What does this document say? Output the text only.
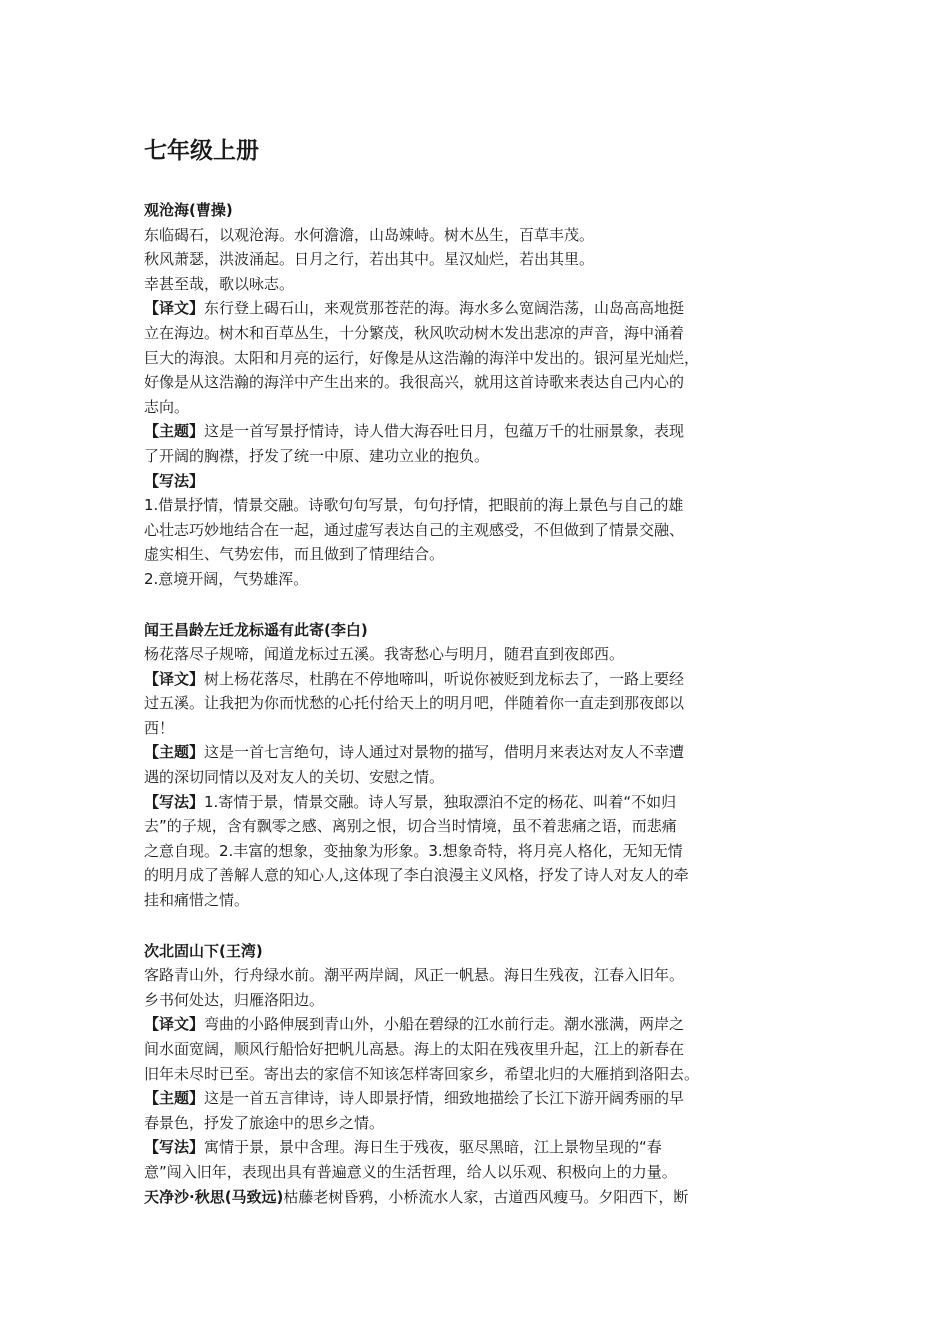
七年级上册

观沧海(曹操)

东临碣石，以观沧海。水何澹澹，山岛竦峙。树木丛生，百草丰茂。

秋风萧瑟，洪波涌起。日月之行，若出其中。星汉灿烂，若出其里。

幸甚至哉，歌以咏志。

【译文】东行登上碣石山，来观赏那苍茫的海。海水多么宽阔浩荡，山岛高高地挺

立在海边。树木和百草丛生，十分繁茂，秋风吹动树木发出悲凉的声音，海中涌着

巨大的海浪。太阳和月亮的运行，好像是从这浩瀚的海洋中发出的。银河星光灿烂，

好像是从这浩瀚的海洋中产生出来的。我很高兴，就用这首诗歌来表达自己内心的

志向。

【主题】这是一首写景抒情诗，诗人借大海吞吐日月，包蕴万千的壮丽景象，表现

了开阔的胸襟，抒发了统一中原、建功立业的抱负。

【写法】

1.借景抒情，情景交融。诗歌句句写景，句句抒情，把眼前的海上景色与自己的雄

心壮志巧妙地结合在一起，通过虚写表达自己的主观感受，不但做到了情景交融、

虚实相生、气势宏伟，而且做到了情理结合。

2.意境开阔，气势雄浑。

闻王昌龄左迁龙标遥有此寄(李白)

杨花落尽子规啼，闻道龙标过五溪。我寄愁心与明月，随君直到夜郎西。

【译文】树上杨花落尽，杜鹃在不停地啼叫，听说你被贬到龙标去了，一路上要经

过五溪。让我把为你而忧愁的心托付给天上的明月吧，伴随着你一直走到那夜郎以

西！

【主题】这是一首七言绝句，诗人通过对景物的描写，借明月来表达对友人不幸遭

遇的深切同情以及对友人的关切、安慰之情。

【写法】1.寄情于景，情景交融。诗人写景，独取漂泊不定的杨花、叫着“不如归

去”的子规，含有飘零之感、离别之恨，切合当时情境，虽不着悲痛之语，而悲痛

之意自现。2.丰富的想象，变抽象为形象。3.想象奇特，将月亮人格化，无知无情

的明月成了善解人意的知心人,这体现了李白浪漫主义风格，抒发了诗人对友人的牵

挂和痛惜之情。

次北固山下(王湾)

客路青山外，行舟绿水前。潮平两岸阔，风正一帆悬。海日生残夜，江春入旧年。

乡书何处达，归雁洛阳边。

【译文】弯曲的小路伸展到青山外，小船在碧绿的江水前行走。潮水涨满，两岸之

间水面宽阔，顺风行船恰好把帆儿高悬。海上的太阳在残夜里升起，江上的新春在

旧年未尽时已至。寄出去的家信不知该怎样寄回家乡，希望北归的大雁捎到洛阳去。

【主题】这是一首五言律诗，诗人即景抒情，细致地描绘了长江下游开阔秀丽的早

春景色，抒发了旅途中的思乡之情。

【写法】寓情于景，景中含理。海日生于残夜，驱尽黑暗，江上景物呈现的“春

意”闯入旧年，表现出具有普遍意义的生活哲理，给人以乐观、积极向上的力量。

天净沙·秋思(马致远)枯藤老树昏鸦，小桥流水人家，古道西风瘦马。夕阳西下，断
